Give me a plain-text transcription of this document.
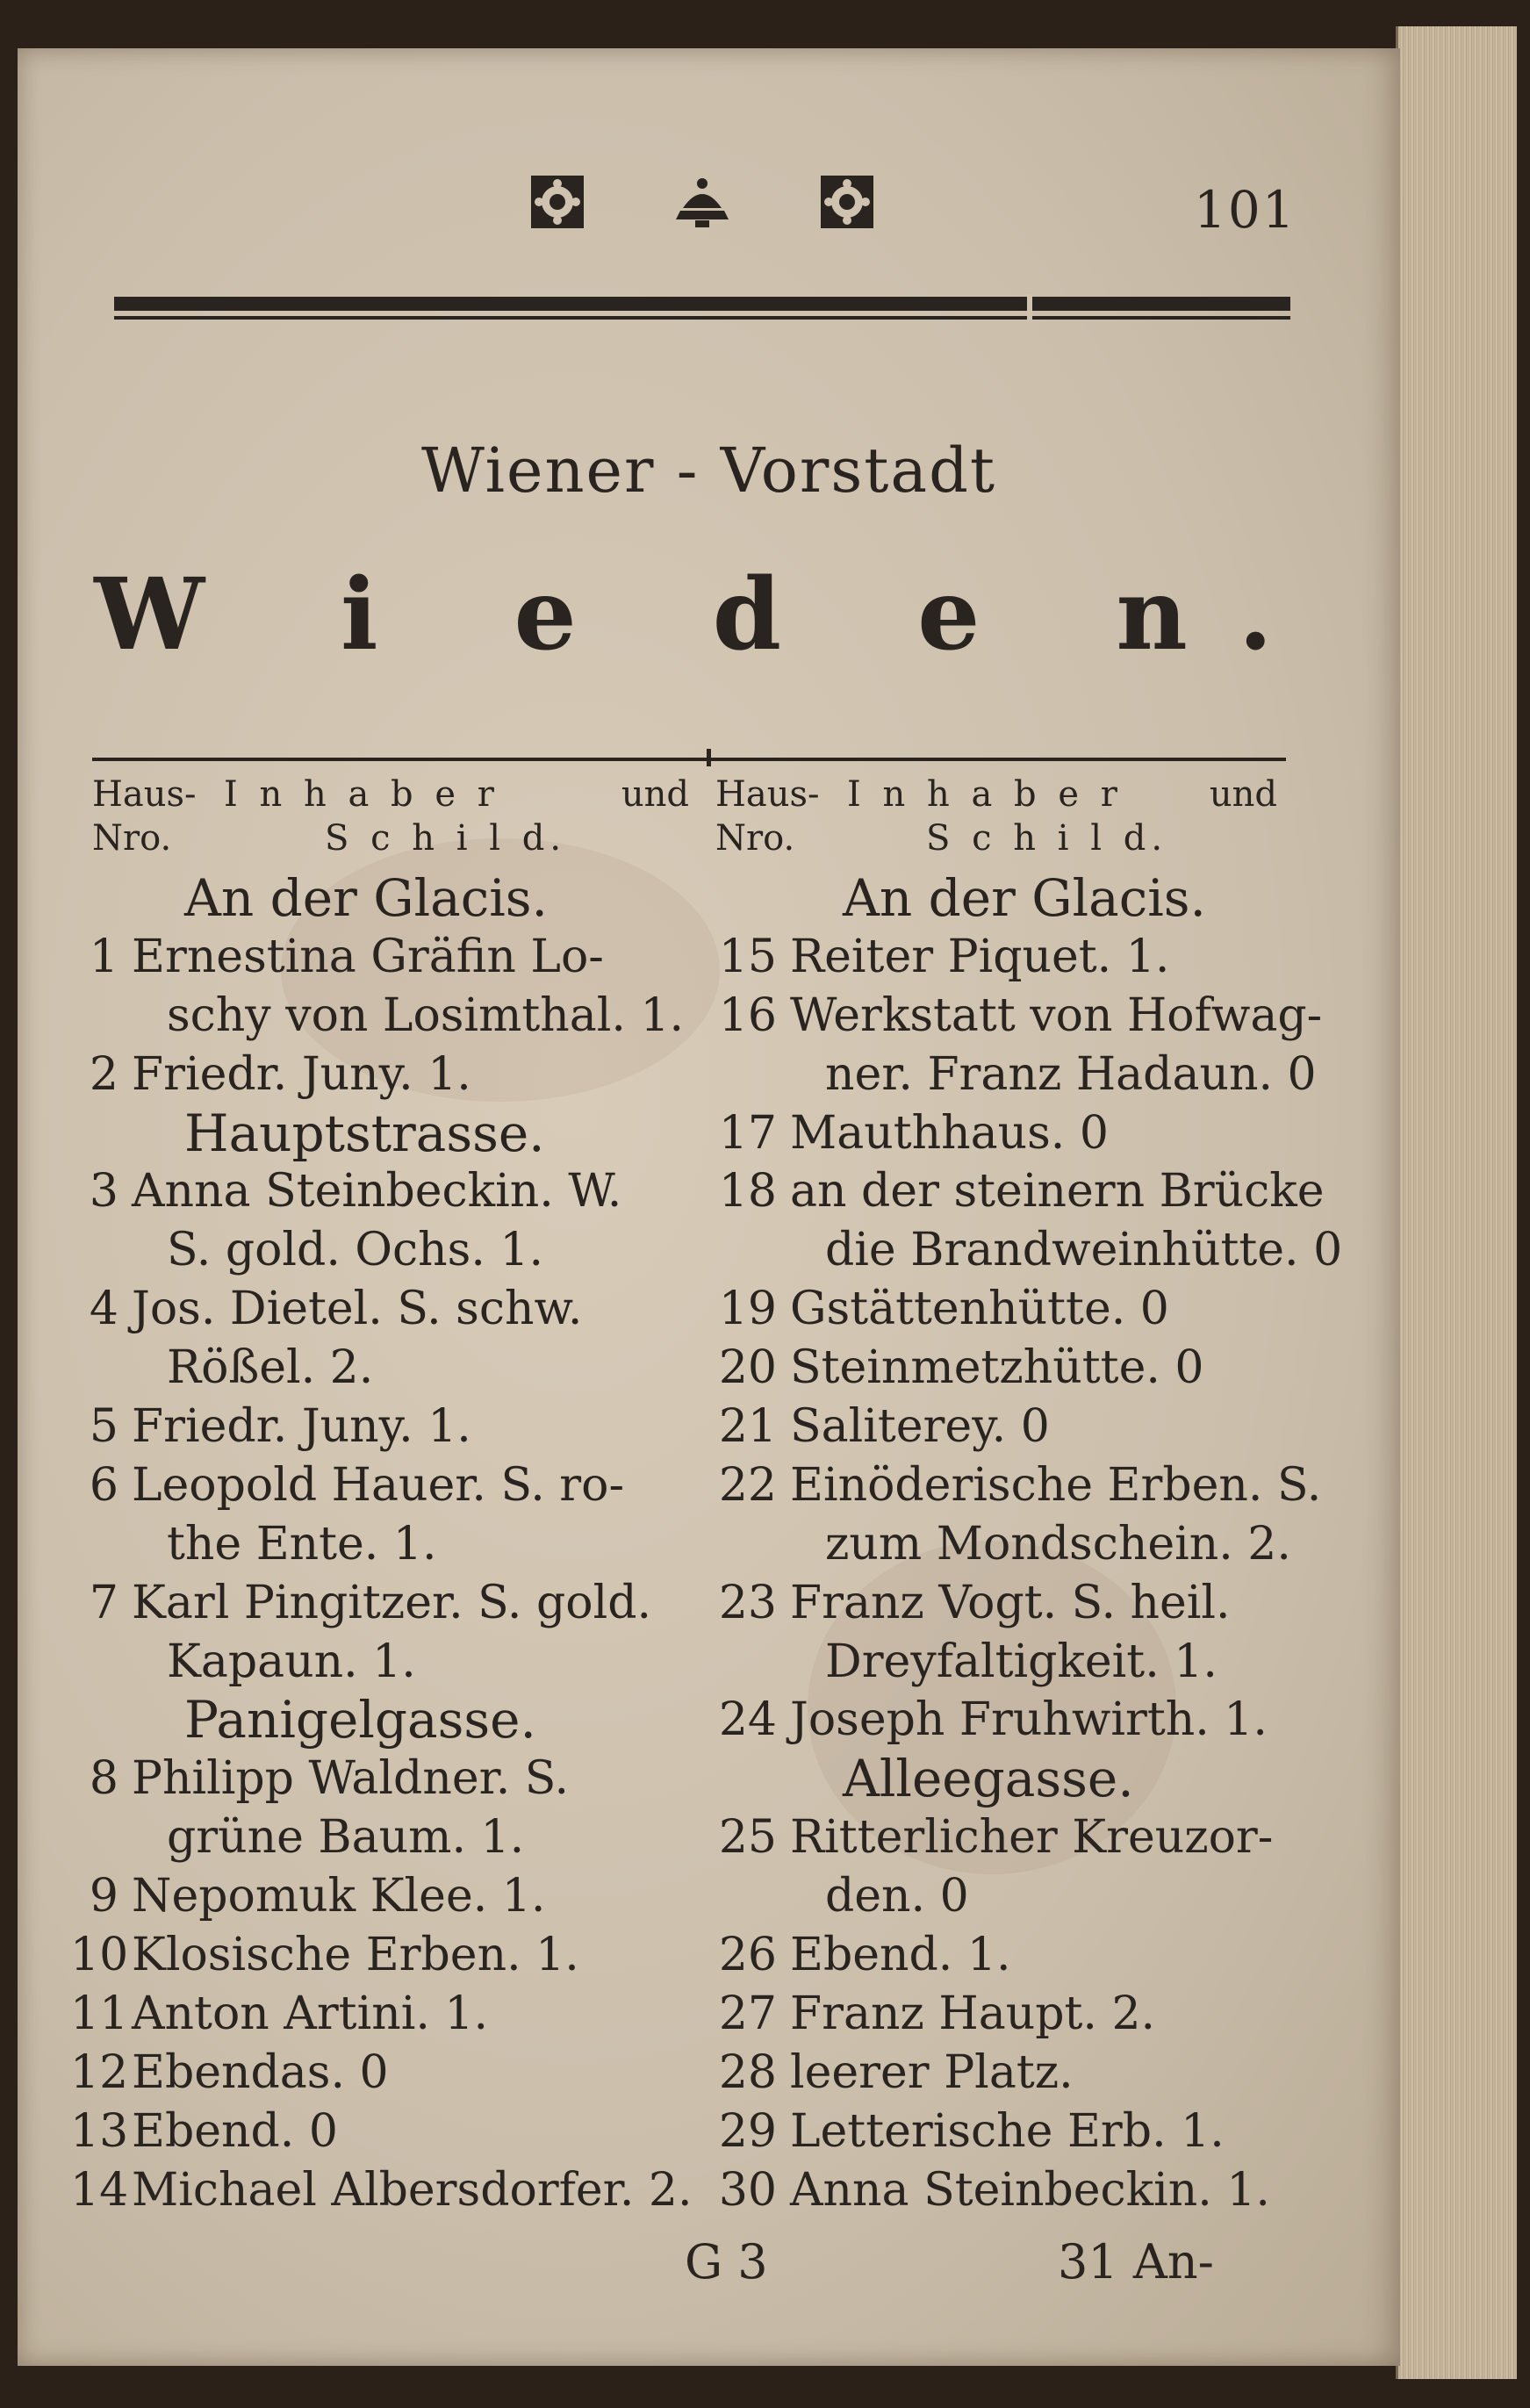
101
Wiener - Vorstadt
W i e d e n.
Haus- I n h a b e r	und
Nro.	S c h i l d.
Haus- I n h a b e r und
Nro.	S c h i l d.
An der Glacis.
1 Ernestina Gräfin Lo-
schy von Losimthal. 1.
2 Friedr. Juny. 1.
Hauptstrasse.
3 Anna Steinbeckin. W.
S. gold. Ochs. 1.
4 Jos. Dietel. S. schw.
Rößel. 2.
5 Friedr. Juny. 1.
6 Leopold Hauer. S. ro-
the Ente. 1.
7 Karl Pingitzer. S. gold.
Kapaun. 1.
Panigelgasse.
8 Philipp Waldner. S.
grüne Baum. 1.
9 Nepomuk Klee. 1.
10 Klosische Erben. 1.
11 Anton Artini. 1.
12 Ebendas. 0
13 Ebend. 0
14 Michael Albersdorfer. 2.
An der Glacis.
15 Reiter Piquet. 1.
16 Werkstatt von Hofwag-
ner. Franz Hadaun. 0
17 Mauthhaus. 0
18 an der steinern Brücke
die Brandweinhütte. 0
19 Gstättenhütte. 0
20 Steinmetzhütte. 0
21 Saliterey. 0
22 Einöderische Erben. S.
zum Mondschein. 2.
23 Franz Vogt. S. heil.
Dreyfaltigkeit. 1.
24 Joseph Fruhwirth. 1.
Alleegasse.
25 Ritterlicher Kreuzor-
den. 0
26 Ebend. 1.
27 Franz Haupt. 2.
28 leerer Platz.
29 Letterische Erb. 1.
30 Anna Steinbeckin. 1.
G 3	31 An-
